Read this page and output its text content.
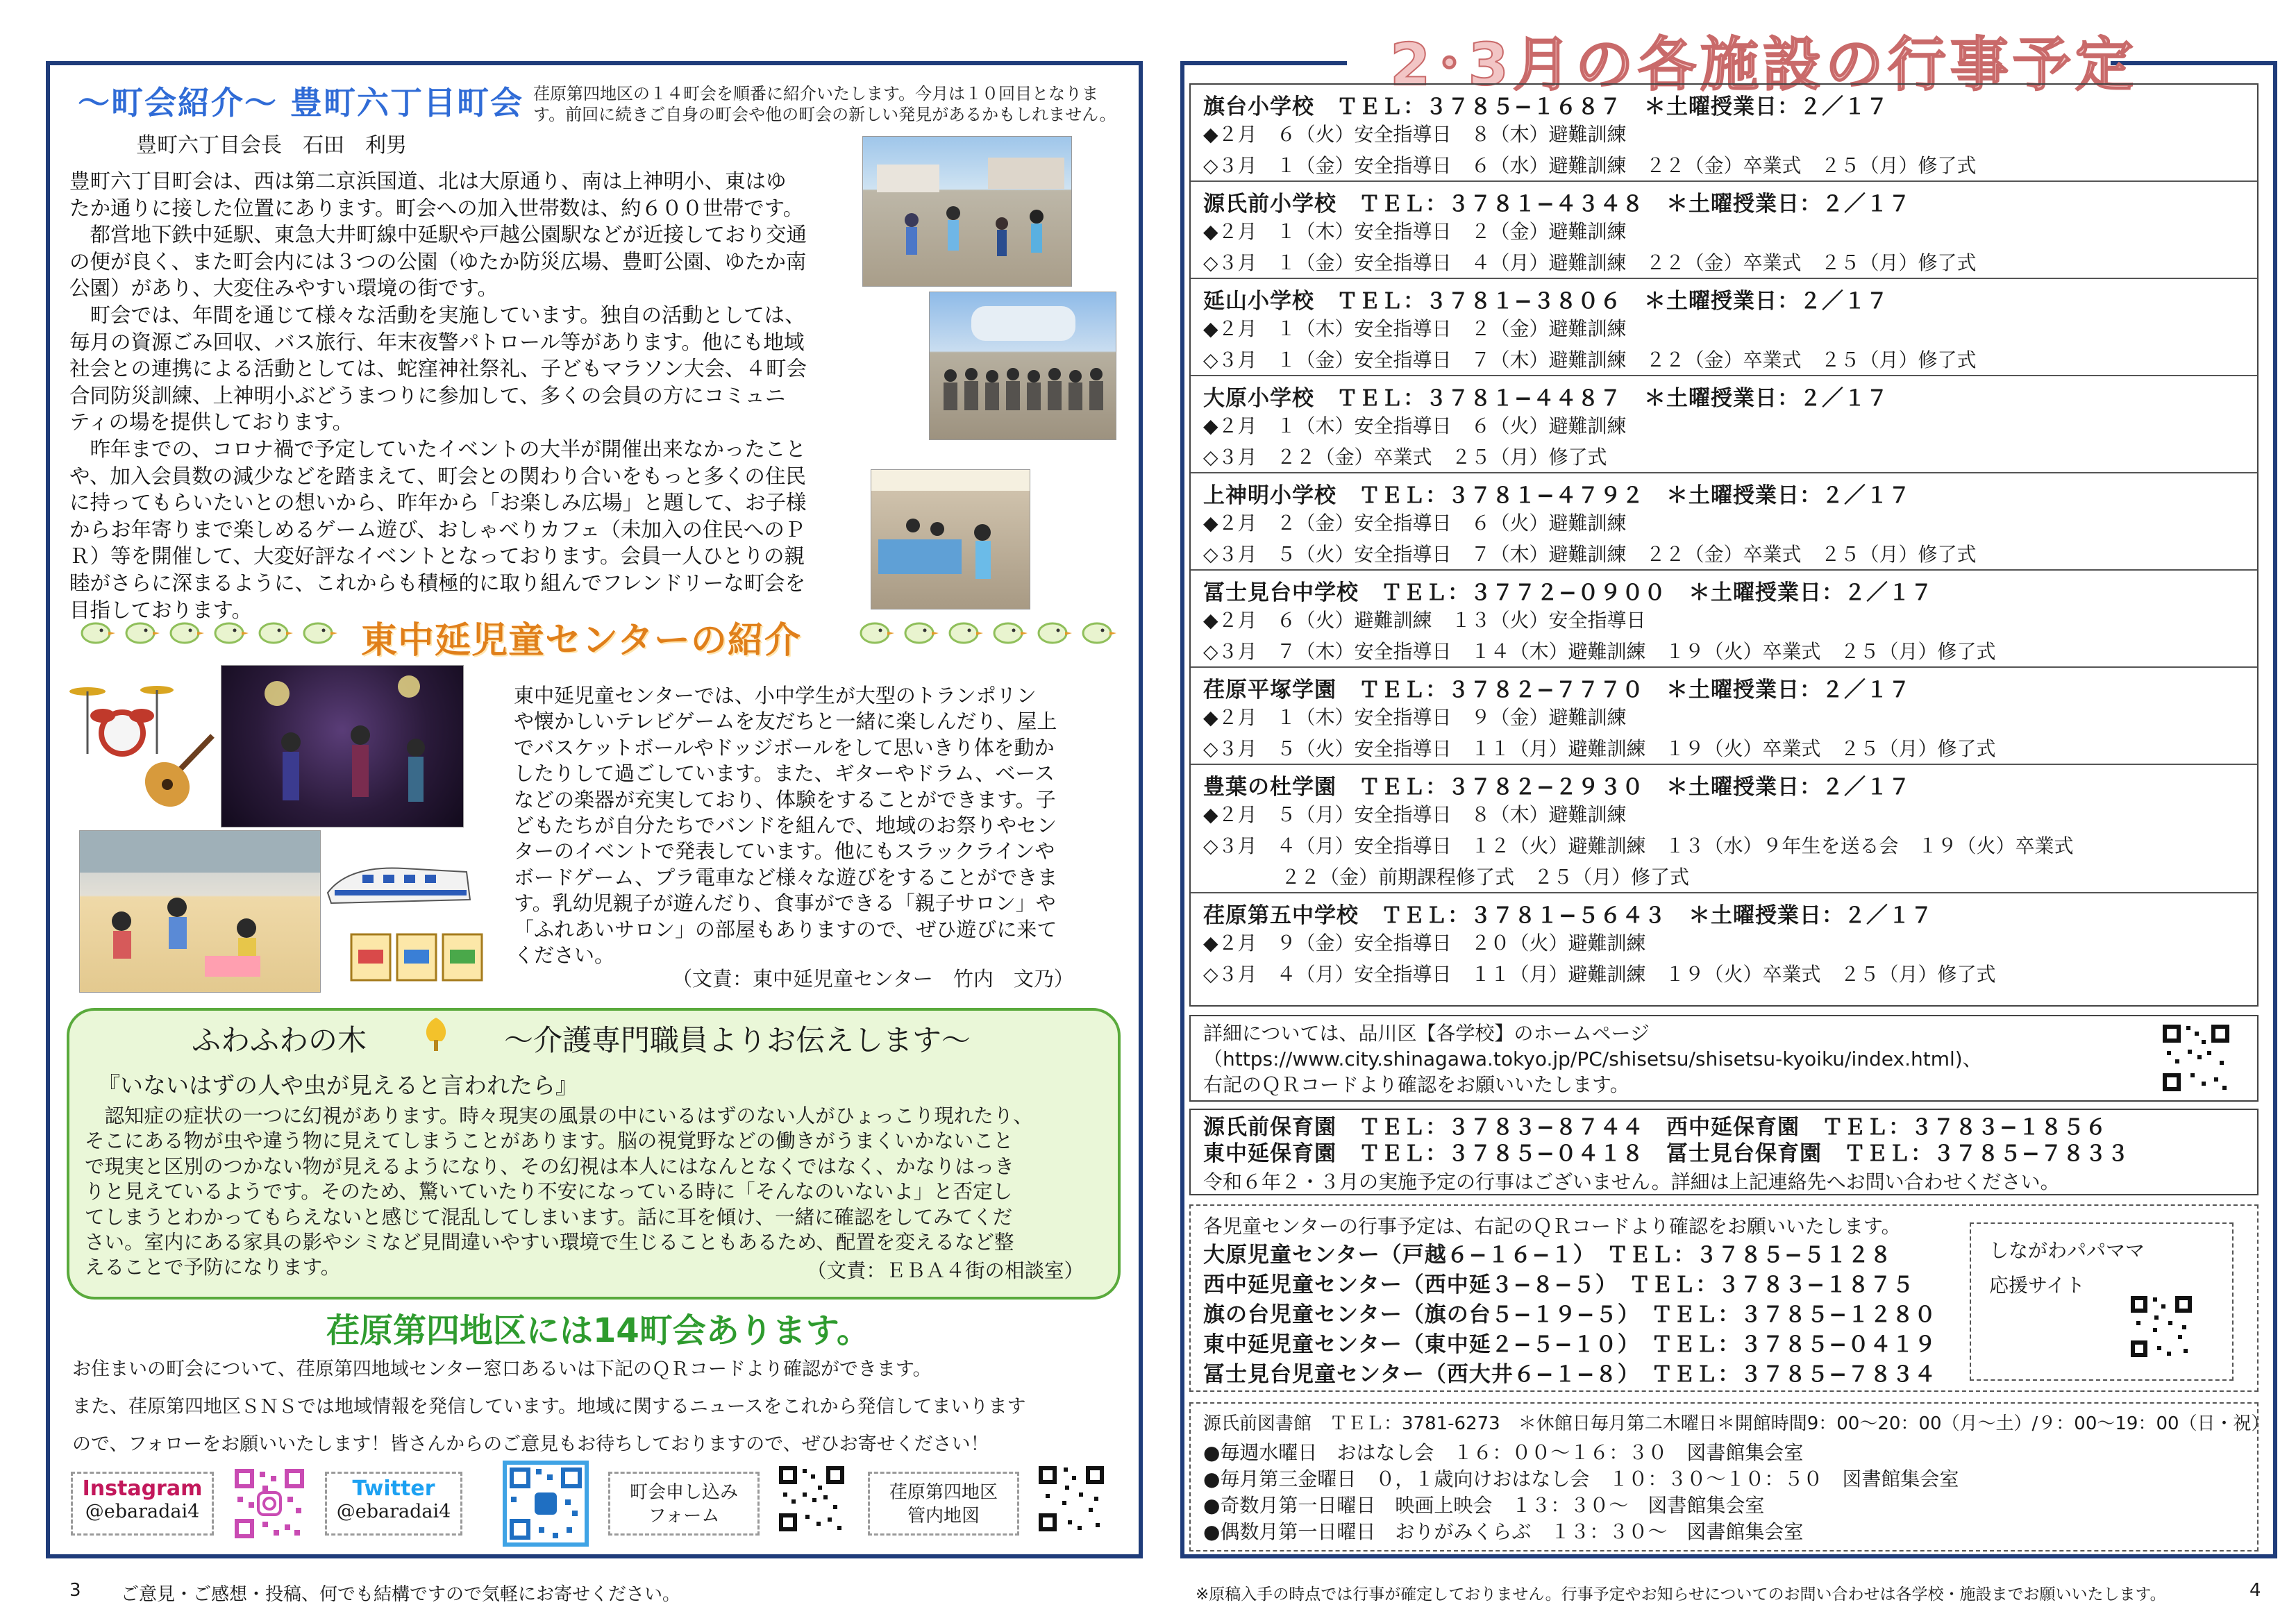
〜町会紹介〜 豊町六丁目町会 荏原第四地区の１４町会を順番に紹介いたします。今月は１０回目となります。前回に続きご自身の町会や他の町会の新しい発見があるかもしれません。
豊町六丁目会長　石田　利男
豊町六丁目町会は、西は第二京浜国道、北は大原通り、南は上神明小、東はゆ
たか通りに接した位置にあります。町会への加入世帯数は、約６００世帯です。
　都営地下鉄中延駅、東急大井町線中延駅や戸越公園駅などが近接しており交通
の便が良く、また町会内には３つの公園（ゆたか防災広場、豊町公園、ゆたか南
公園）があり、大変住みやすい環境の街です。
　町会では、年間を通じて様々な活動を実施しています。独自の活動としては、
毎月の資源ごみ回収、バス旅行、年末夜警パトロール等があります。他にも地域
社会との連携による活動としては、蛇窪神社祭礼、子どもマラソン大会、４町会
合同防災訓練、上神明小ぶどうまつりに参加して、多くの会員の方にコミュニ
ティの場を提供しております。
　昨年までの、コロナ禍で予定していたイベントの大半が開催出来なかったこと
や、加入会員数の減少などを踏まえて、町会との関わり合いをもっと多くの住民
に持ってもらいたいとの想いから、昨年から「お楽しみ広場」と題して、お子様
からお年寄りまで楽しめるゲーム遊び、おしゃべりカフェ（未加入の住民へのＰ
Ｒ）等を開催して、大変好評なイベントとなっております。会員一人ひとりの親
睦がさらに深まるように、これからも積極的に取り組んでフレンドリーな町会を
目指しております。
東中延児童センターの紹介
東中延児童センターでは、小中学生が大型のトランポリン
や懐かしいテレビゲームを友だちと一緒に楽しんだり、屋上
でバスケットボールやドッジボールをして思いきり体を動か
したりして過ごしています。また、ギターやドラム、ベース
などの楽器が充実しており、体験をすることができます。子
どもたちが自分たちでバンドを組んで、地域のお祭りやセン
ターのイベントで発表しています。他にもスラックラインや
ボードゲーム、プラ電車など様々な遊びをすることができま
す。乳幼児親子が遊んだり、食事ができる「親子サロン」や
「ふれあいサロン」の部屋もありますので、ぜひ遊びに来て
ください。
（文責：東中延児童センター　竹内　文乃）
ふわふわの木	〜介護専門職員よりお伝えします〜
『いないはずの人や虫が見えると言われたら』
　認知症の症状の一つに幻視があります。時々現実の風景の中にいるはずのない人がひょっこり現れたり、
そこにある物が虫や違う物に見えてしまうことがあります。脳の視覚野などの働きがうまくいかないこと
で現実と区別のつかない物が見えるようになり、その幻視は本人にはなんとなくではなく、かなりはっき
りと見えているようです。そのため、驚いていたり不安になっている時に「そんなのいないよ」と否定し
てしまうとわかってもらえないと感じて混乱してしまいます。話に耳を傾け、一緒に確認をしてみてくだ
さい。室内にある家具の影やシミなど見間違いやすい環境で生じることもあるため、配置を変えるなど整
えることで予防になります。	（文責：ＥＢＡ４街の相談室）
荏原第四地区には14町会あります。
お住まいの町会について、荏原第四地域センター窓口あるいは下記のＱＲコードより確認ができます。
また、荏原第四地区ＳＮＳでは地域情報を発信しています。地域に関するニュースをこれから発信してまいります
ので、フォローをお願いいたします！皆さんからのご意見もお待ちしておりますので、ぜひお寄せください！
Instagram
@ebaradai4
Twitter
@ebaradai4
町会申し込み
フォーム
荏原第四地区
管内地図
3 ご意見・ご感想・投稿、何でも結構ですので気軽にお寄せください。
2･3月の各施設の行事予定
旗台小学校　ＴＥＬ：３７８５−１６８７　＊土曜授業日：２／１７
◆２月　６（火）安全指導日　８（木）避難訓練
◇３月　１（金）安全指導日　６（水）避難訓練　２２（金）卒業式　２５（月）修了式
源氏前小学校　ＴＥＬ：３７８１−４３４８　＊土曜授業日：２／１７
◆２月　１（木）安全指導日　２（金）避難訓練
◇３月　１（金）安全指導日　４（月）避難訓練　２２（金）卒業式　２５（月）修了式
延山小学校　ＴＥＬ：３７８１−３８０６　＊土曜授業日：２／１７
◆２月　１（木）安全指導日　２（金）避難訓練
◇３月　１（金）安全指導日　７（木）避難訓練　２２（金）卒業式　２５（月）修了式
大原小学校　ＴＥＬ：３７８１−４４８７　＊土曜授業日：２／１７
◆２月　１（木）安全指導日　６（火）避難訓練
◇３月　２２（金）卒業式　２５（月）修了式
上神明小学校　ＴＥＬ：３７８１−４７９２　＊土曜授業日：２／１７
◆２月　２（金）安全指導日　６（火）避難訓練
◇３月　５（火）安全指導日　７（木）避難訓練　２２（金）卒業式　２５（月）修了式
冨士見台中学校　ＴＥＬ：３７７２−０９００　＊土曜授業日：２／１７
◆２月　６（火）避難訓練　１３（火）安全指導日
◇３月　７（木）安全指導日　１４（木）避難訓練　１９（火）卒業式　２５（月）修了式
荏原平塚学園　ＴＥＬ：３７８２−７７７０　＊土曜授業日：２／１７
◆２月　１（木）安全指導日　９（金）避難訓練
◇３月　５（火）安全指導日　１１（月）避難訓練　１９（火）卒業式　２５（月）修了式
豊葉の杜学園　ＴＥＬ：３７８２−２９３０　＊土曜授業日：２／１７
◆２月　５（月）安全指導日　８（木）避難訓練
◇３月　４（月）安全指導日　１２（火）避難訓練　１３（水）９年生を送る会　１９（火）卒業式
　　　　２２（金）前期課程修了式　２５（月）修了式
荏原第五中学校　ＴＥＬ：３７８１−５６４３　＊土曜授業日：２／１７
◆２月　９（金）安全指導日　２０（火）避難訓練
◇３月　４（月）安全指導日　１１（月）避難訓練　１９（火）卒業式　２５（月）修了式
詳細については、品川区【各学校】のホームページ
（https://www.city.shinagawa.tokyo.jp/PC/shisetsu/shisetsu-kyoiku/index.html)、
右記のＱＲコードより確認をお願いいたします。
源氏前保育園　ＴＥＬ：３７８３−８７４４　西中延保育園　ＴＥＬ：３７８３−１８５６
東中延保育園　ＴＥＬ：３７８５−０４１８　冨士見台保育園　ＴＥＬ：３７８５−７８３３
令和６年２・３月の実施予定の行事はございません。詳細は上記連絡先へお問い合わせください。
各児童センターの行事予定は、右記のＱＲコードより確認をお願いいたします。
大原児童センター（戸越６−１６−１）　ＴＥＬ：３７８５−５１２８
西中延児童センター（西中延３−８−５）　ＴＥＬ：３７８３−１８７５
旗の台児童センター（旗の台５−１９−５）　ＴＥＬ：３７８５−１２８０
東中延児童センター（東中延２−５−１０）　ＴＥＬ：３７８５−０４１９
冨士見台児童センター（西大井６−１−８）　ＴＥＬ：３７８５−７８３４
しながわパパママ
応援サイト
源氏前図書館　ＴＥＬ：3781-6273　＊休館日毎月第二木曜日＊開館時間9：00〜20：00（月〜土）/９：00〜19：00（日・祝）
●毎週水曜日　おはなし会　１６：００〜１６：３０　図書館集会室
●毎月第三金曜日　０，１歳向けおはなし会　１０：３０〜１０：５０　図書館集会室
●奇数月第一日曜日　映画上映会　１３：３０〜　図書館集会室
●偶数月第一日曜日　おりがみくらぶ　１３：３０〜　図書館集会室
※原稿入手の時点では行事が確定しておりません。行事予定やお知らせについてのお問い合わせは各学校・施設までお願いいたします。	4
